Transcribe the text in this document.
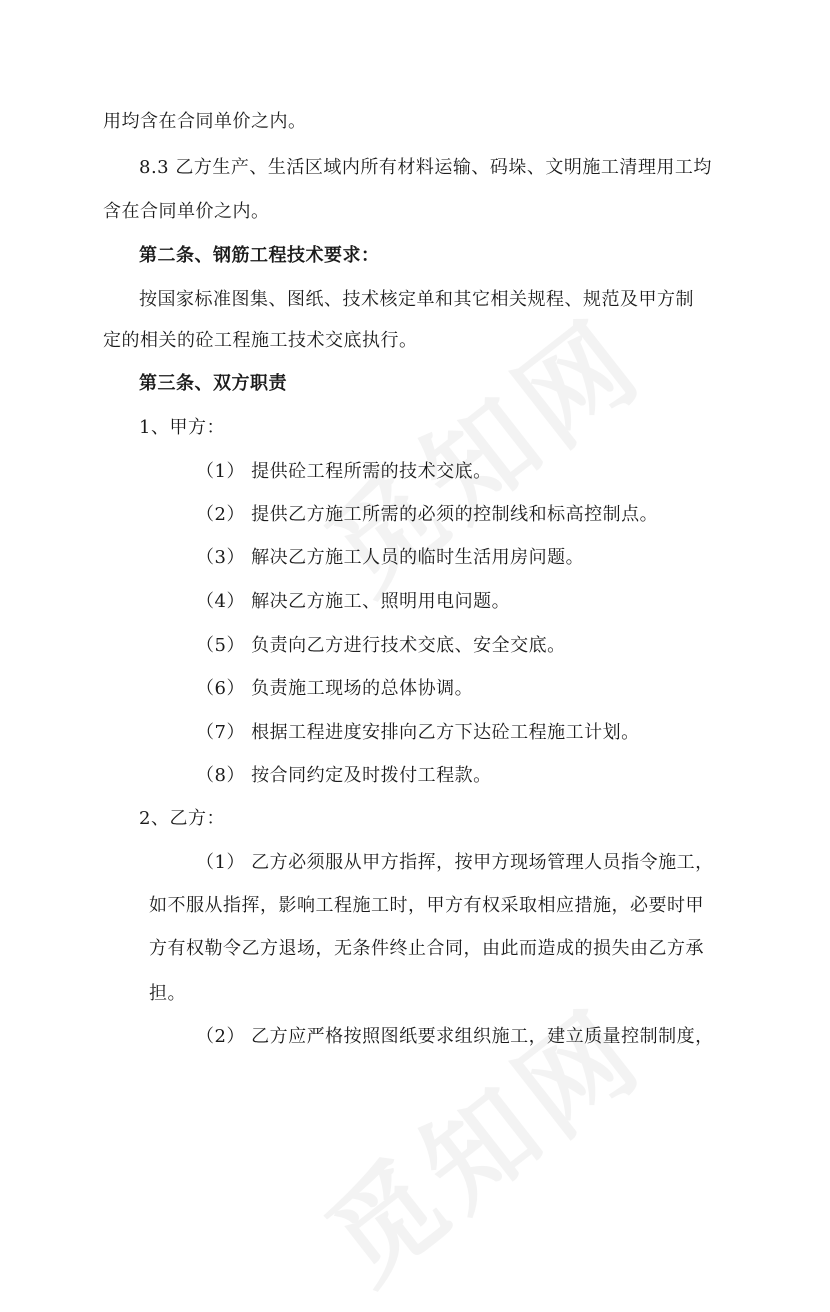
用均含在合同单价之内。
8.3 乙方生产、生活区域内所有材料运输、码垛、文明施工清理用工均
含在合同单价之内。
第二条、钢筋工程技术要求：
按国家标准图集、图纸、技术核定单和其它相关规程、规范及甲方制
定的相关的砼工程施工技术交底执行。
第三条、双方职责
1、甲方：
（1） 提供砼工程所需的技术交底。
（2） 提供乙方施工所需的必须的控制线和标高控制点。
（3） 解决乙方施工人员的临时生活用房问题。
（4） 解决乙方施工、照明用电问题。
（5） 负责向乙方进行技术交底、安全交底。
（6） 负责施工现场的总体协调。
（7） 根据工程进度安排向乙方下达砼工程施工计划。
（8） 按合同约定及时拨付工程款。
2、乙方：
（1） 乙方必须服从甲方指挥，按甲方现场管理人员指令施工，
如不服从指挥，影响工程施工时，甲方有权采取相应措施，必要时甲
方有权勒令乙方退场，无条件终止合同，由此而造成的损失由乙方承
担。
（2） 乙方应严格按照图纸要求组织施工，建立质量控制制度，
